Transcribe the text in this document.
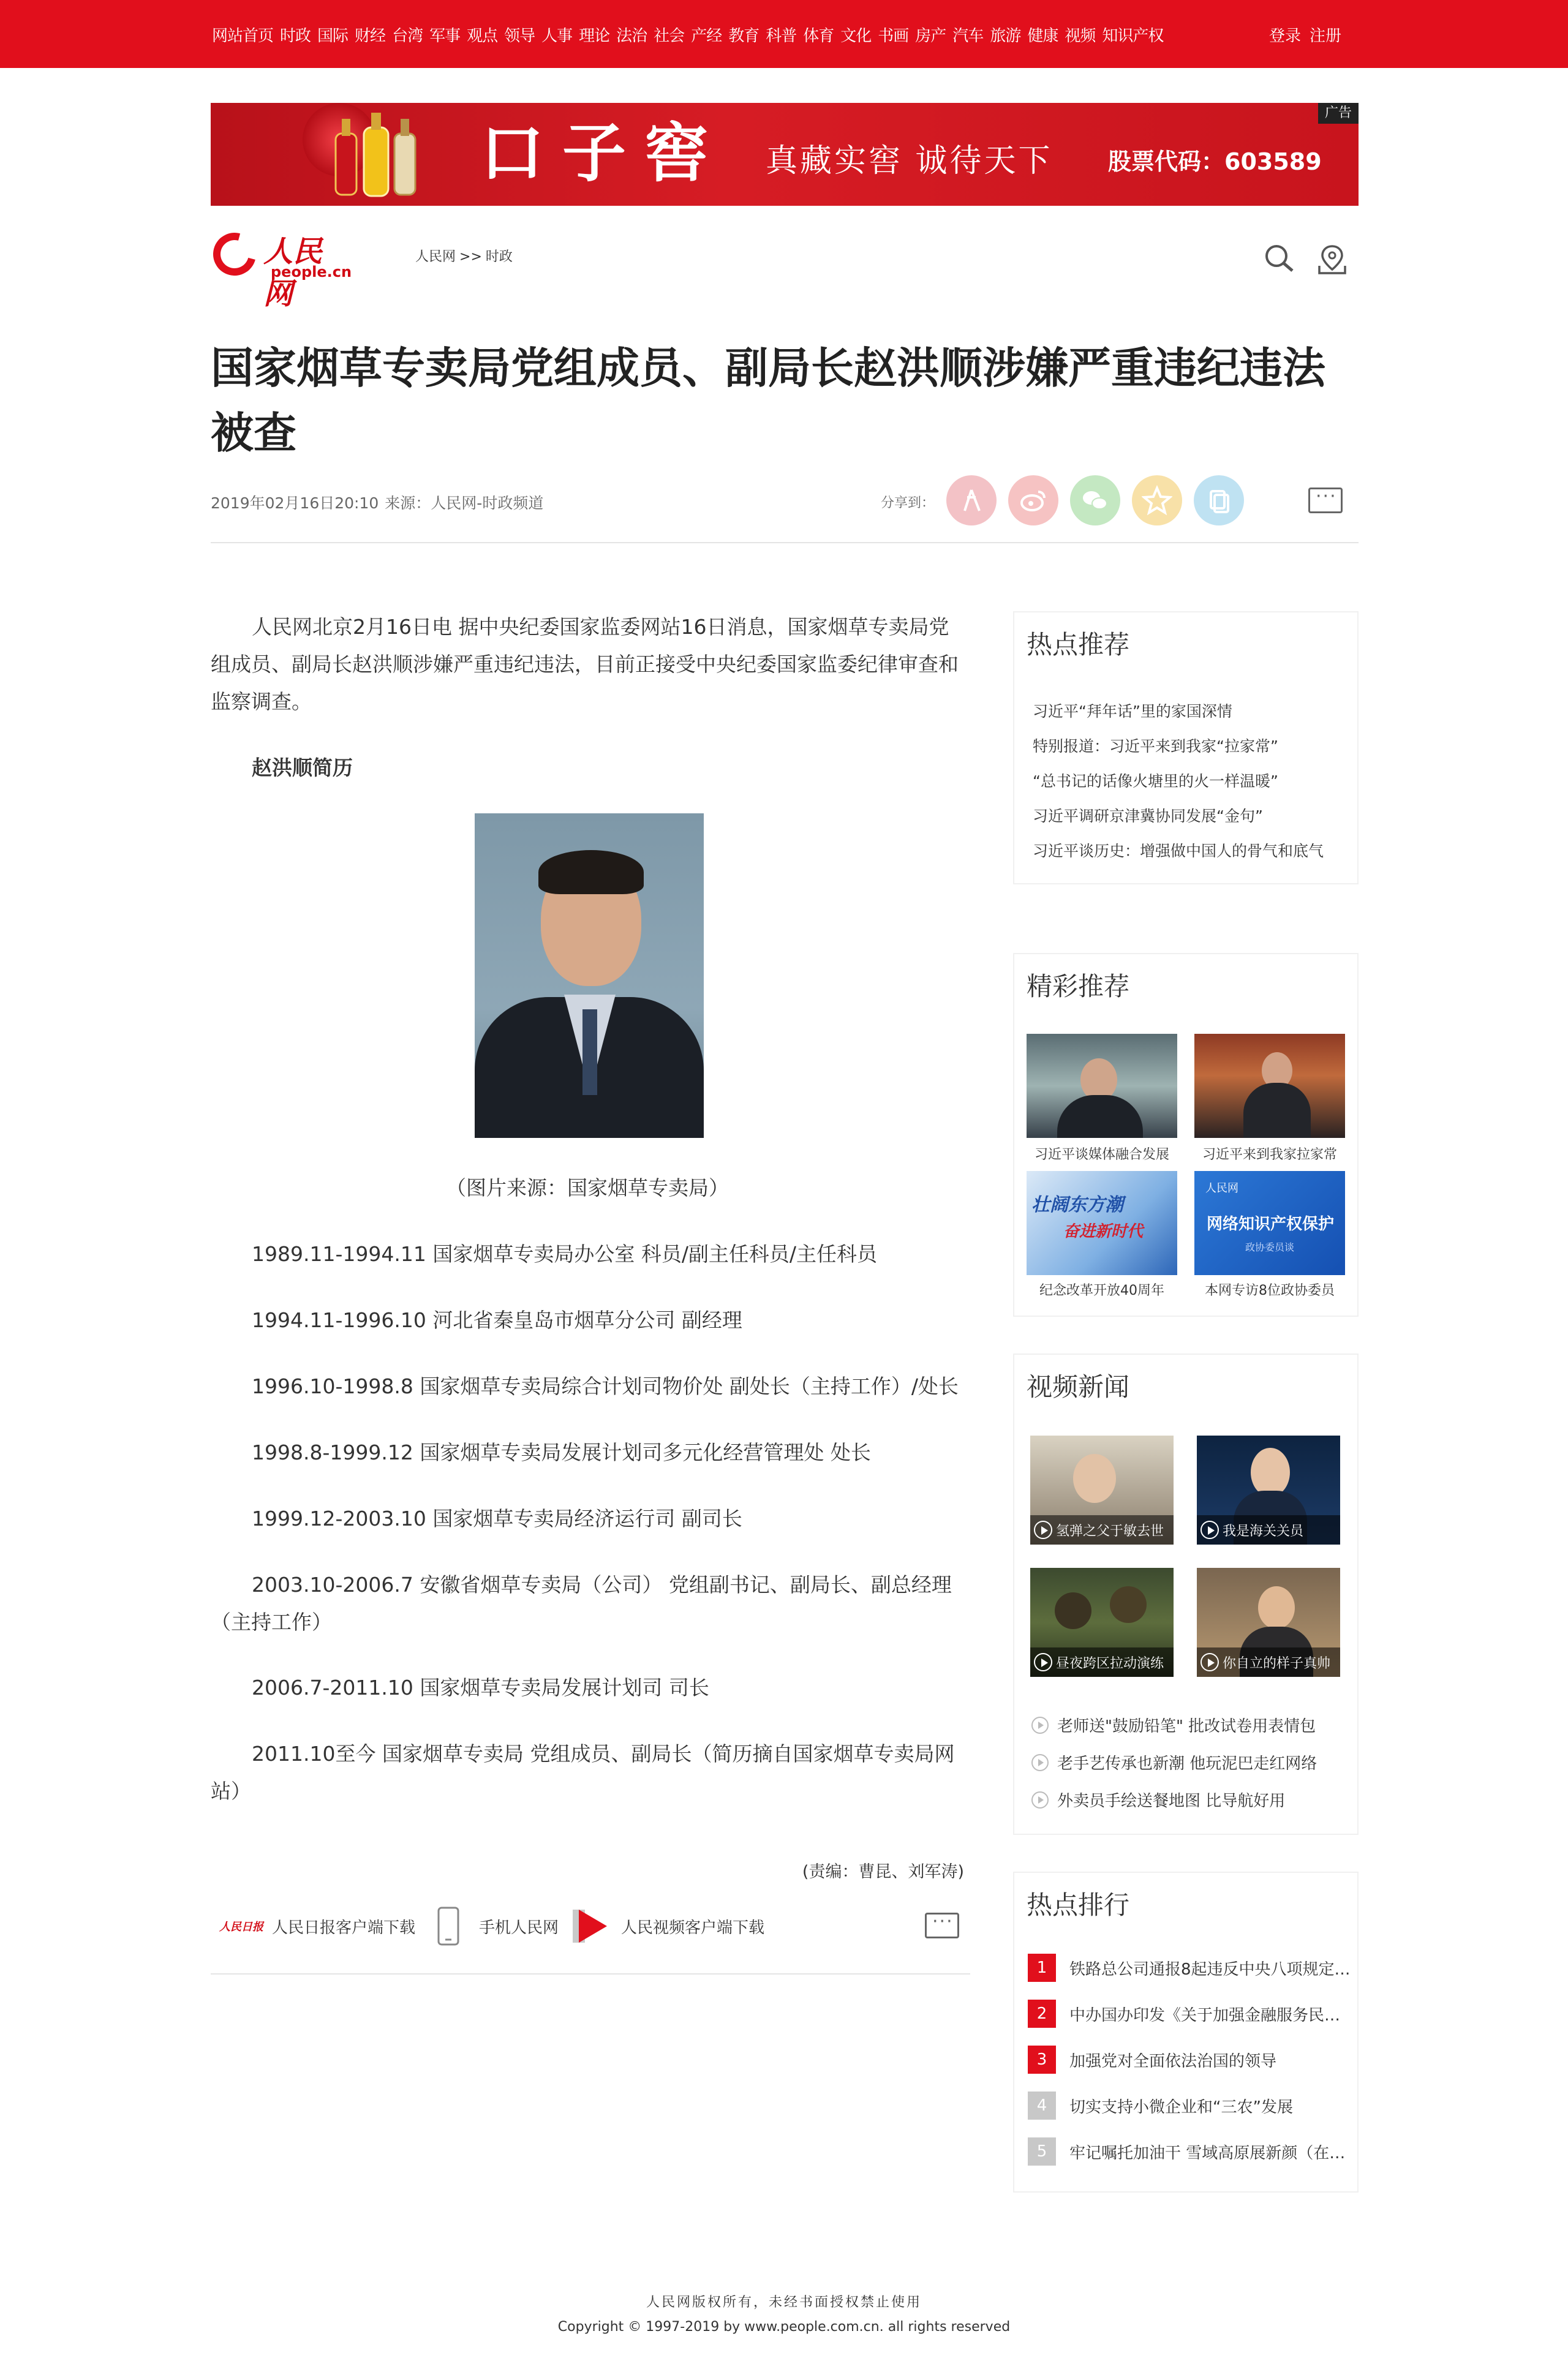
网站首页 时政 国际 财经 台湾 军事 观点 领导 人事 理论 法治 社会 产经 教育 科普 体育 文化 书画 房产 汽车 旅游 健康 视频 知识产权	登录 注册
口子窖 真藏实窖 诚待天下 股票代码：603589
广告
人民网
people.cn
人民网 >> 时政
国家烟草专卖局党组成员、副局长赵洪顺涉嫌严重违纪违法被查
2019年02月16日20:10 来源：人民网-时政频道	分享到：
···

人民网北京2月16日电 据中央纪委国家监委网站16日消息，国家烟草专卖局党组成员、副局长赵洪顺涉嫌严重违纪违法，目前正接受中央纪委国家监委纪律审查和监察调查。

赵洪顺简历

（图片来源：国家烟草专卖局）

1989.11-1994.11 国家烟草专卖局办公室 科员/副主任科员/主任科员

1994.11-1996.10 河北省秦皇岛市烟草分公司 副经理

1996.10-1998.8 国家烟草专卖局综合计划司物价处 副处长（主持工作）/处长

1998.8-1999.12 国家烟草专卖局发展计划司多元化经营管理处 处长

1999.12-2003.10 国家烟草专卖局经济运行司 副司长

2003.10-2006.7 安徽省烟草专卖局（公司） 党组副书记、副局长、副总经理（主持工作）

2006.7-2011.10 国家烟草专卖局发展计划司 司长

2011.10至今 国家烟草专卖局 党组成员、副局长（简历摘自国家烟草专卖局网站）

(责编：曹昆、刘军涛)
人民日报 人民日报客户端下载	手机人民网	人民视频客户端下载
···
热点推荐
习近平“拜年话”里的家国深情
特别报道：习近平来到我家“拉家常”
“总书记的话像火塘里的火一样温暖”
习近平调研京津冀协同发展“金句”
习近平谈历史：增强做中国人的骨气和底气
精彩推荐
习近平谈媒体融合发展	习近平来到我家拉家常
壮阔东方潮
奋进新时代
纪念改革开放40周年
人民网
网络知识产权保护
政协委员谈
本网专访8位政协委员
视频新闻
氢弹之父于敏去世	我是海关关员
昼夜跨区拉动演练	你自立的样子真帅
老师送"鼓励铅笔" 批改试卷用表情包
老手艺传承也新潮 他玩泥巴走红网络
外卖员手绘送餐地图 比导航好用
热点排行
1	铁路总公司通报8起违反中央八项规定…
2	中办国办印发《关于加强金融服务民…
3	加强党对全面依法治国的领导
4	切实支持小微企业和“三农”发展
5	牢记嘱托加油干 雪域高原展新颜（在…
人民网版权所有，未经书面授权禁止使用
Copyright © 1997-2019 by www.people.com.cn. all rights reserved
